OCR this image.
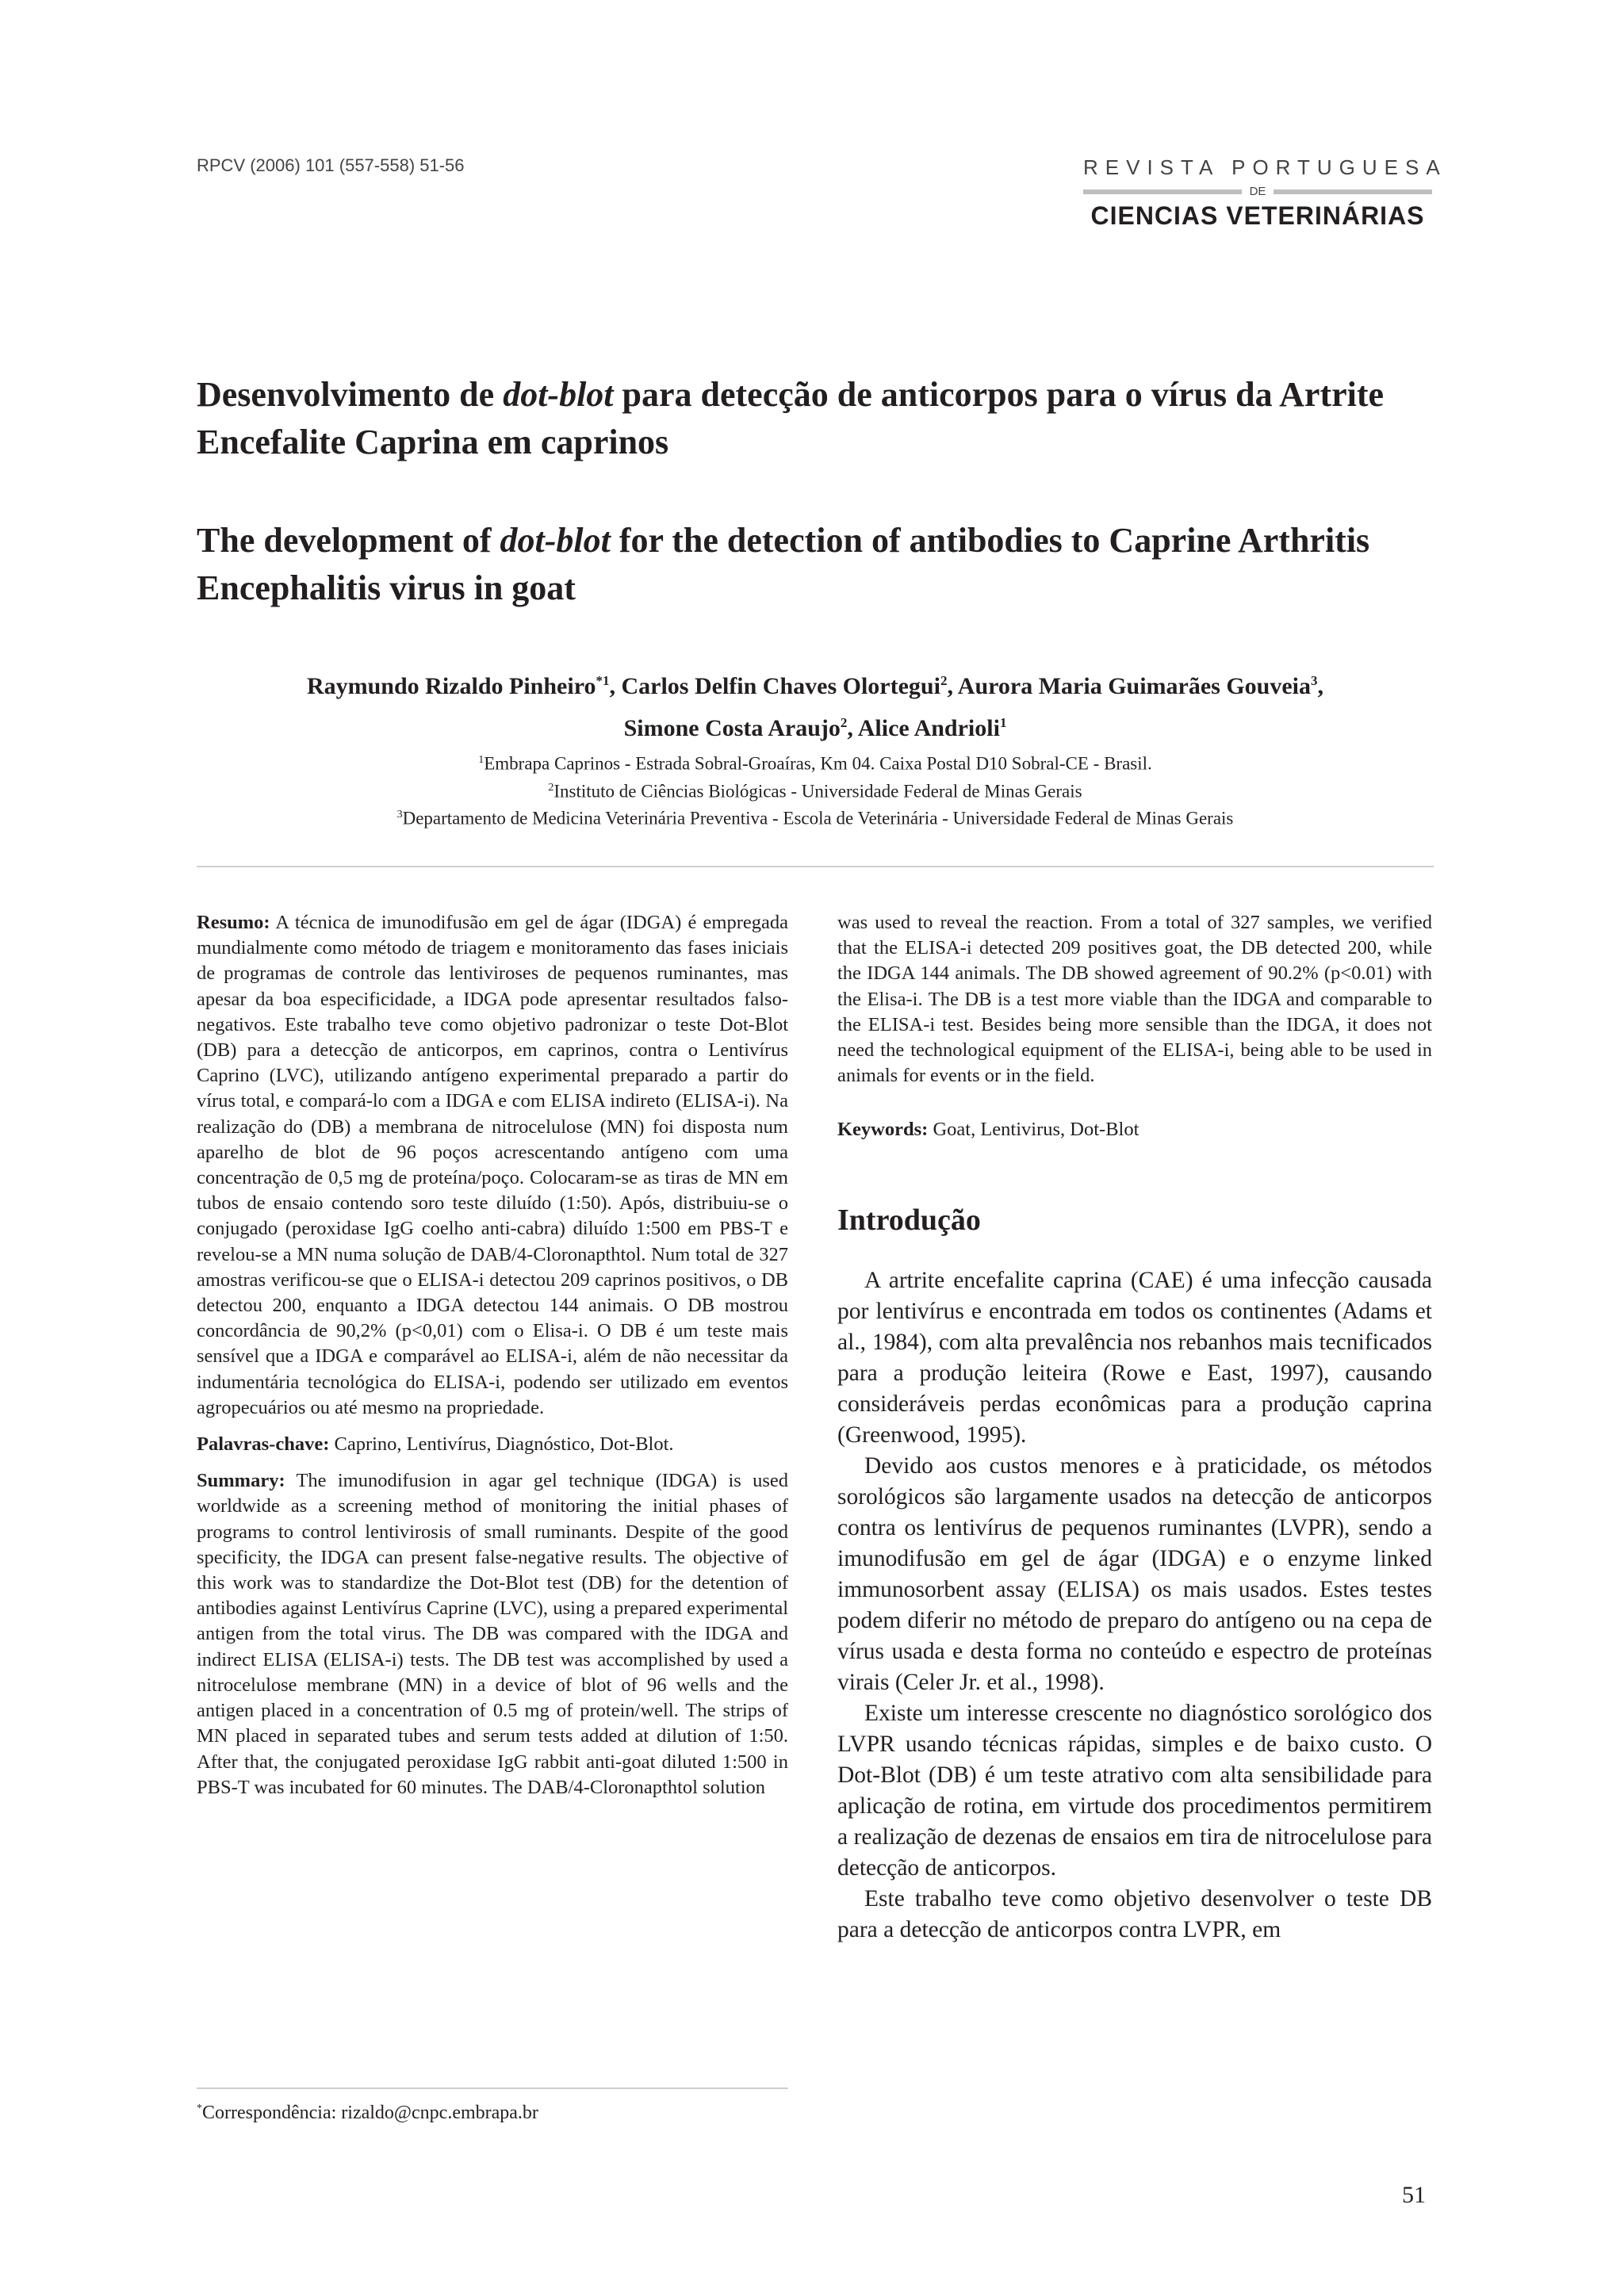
RPCV (2006) 101 (557-558) 51-56	REVISTA PORTUGUESA
DE
CIENCIAS VETERINÁRIAS
Desenvolvimento de dot-blot para detecção de anticorpos para o vírus da Artrite Encefalite Caprina em caprinos
The development of dot-blot for the detection of antibodies to Caprine Arthritis Encephalitis virus in goat
Raymundo Rizaldo Pinheiro$^{*1}$, Carlos Delfin Chaves Olortegui$^2$, Aurora Maria Guimarães Gouveia$^3$,
Simone Costa Araujo$^2$, Alice Andrioli$^1$
$^1$Embrapa Caprinos - Estrada Sobral-Groaíras, Km 04. Caixa Postal D10 Sobral-CE - Brasil.
$^2$Instituto de Ciências Biológicas - Universidade Federal de Minas Gerais
$^3$Departamento de Medicina Veterinária Preventiva - Escola de Veterinária - Universidade Federal de Minas Gerais

Resumo: A técnica de imunodifusão em gel de ágar (IDGA) é empregada mundialmente como método de triagem e monitoramento das fases iniciais de programas de controle das lentiviroses de pequenos ruminantes, mas apesar da boa especificidade, a IDGA pode apresentar resultados falso-negativos. Este trabalho teve como objetivo padronizar o teste Dot-Blot (DB) para a detecção de anticorpos, em caprinos, contra o Lentivírus Caprino (LVC), utilizando antígeno experimental preparado a partir do vírus total, e compará-lo com a IDGA e com ELISA indireto (ELISA-i). Na realização do (DB) a membrana de nitrocelulose (MN) foi disposta num aparelho de blot de 96 poços acrescentando antígeno com uma concentração de 0,5 mg de proteína/poço. Colocaram-se as tiras de MN em tubos de ensaio contendo soro teste diluído (1:50). Após, distribuiu-se o conjugado (peroxidase IgG coelho anti-cabra) diluído 1:500 em PBS-T e revelou-se a MN numa solução de DAB/4-Cloronapthtol. Num total de 327 amostras verificou-se que o ELISA-i detectou 209 caprinos positivos, o DB detectou 200, enquanto a IDGA detectou 144 animais. O DB mostrou concordância de 90,2% (p<0,01) com o Elisa-i. O DB é um teste mais sensível que a IDGA e comparável ao ELISA-i, além de não necessitar da indumentária tecnológica do ELISA-i, podendo ser utilizado em eventos agropecuários ou até mesmo na propriedade.

Palavras-chave: Caprino, Lentivírus, Diagnóstico, Dot-Blot.

Summary: The imunodifusion in agar gel technique (IDGA) is used worldwide as a screening method of monitoring the initial phases of programs to control lentivirosis of small ruminants. Despite of the good specificity, the IDGA can present false-negative results. The objective of this work was to standardize the Dot-Blot test (DB) for the detention of antibodies against Lentivírus Caprine (LVC), using a prepared experimental antigen from the total virus. The DB was compared with the IDGA and indirect ELISA (ELISA-i) tests. The DB test was accomplished by used a nitrocelulose membrane (MN) in a device of blot of 96 wells and the antigen placed in a concentration of 0.5 mg of protein/well. The strips of MN placed in separated tubes and serum tests added at dilution of 1:50. After that, the conjugated peroxidase IgG rabbit anti-goat diluted 1:500 in PBS-T was incubated for 60 minutes. The DAB/4-Cloronapthtol solution

*Correspondência: rizaldo@cnpc.embrapa.br

was used to reveal the reaction. From a total of 327 samples, we verified that the ELISA-i detected 209 positives goat, the DB detected 200, while the IDGA 144 animals. The DB showed agreement of 90.2% (p<0.01) with the Elisa-i. The DB is a test more viable than the IDGA and comparable to the ELISA-i test. Besides being more sensible than the IDGA, it does not need the technological equipment of the ELISA-i, being able to be used in animals for events or in the field.

Keywords: Goat, Lentivirus, Dot-Blot

Introdução

A artrite encefalite caprina (CAE) é uma infecção causada por lentivírus e encontrada em todos os continentes (Adams et al., 1984), com alta prevalência nos rebanhos mais tecnificados para a produção leiteira (Rowe e East, 1997), causando consideráveis perdas econômicas para a produção caprina (Greenwood, 1995).

Devido aos custos menores e à praticidade, os métodos sorológicos são largamente usados na detecção de anticorpos contra os lentivírus de pequenos ruminantes (LVPR), sendo a imunodifusão em gel de ágar (IDGA) e o enzyme linked immunosorbent assay (ELISA) os mais usados. Estes testes podem diferir no método de preparo do antígeno ou na cepa de vírus usada e desta forma no conteúdo e espectro de proteínas virais (Celer Jr. et al., 1998).

Existe um interesse crescente no diagnóstico sorológico dos LVPR usando técnicas rápidas, simples e de baixo custo. O Dot-Blot (DB) é um teste atrativo com alta sensibilidade para aplicação de rotina, em virtude dos procedimentos permitirem a realização de dezenas de ensaios em tira de nitrocelulose para detecção de anticorpos.

Este trabalho teve como objetivo desenvolver o teste DB para a detecção de anticorpos contra LVPR, em

51
